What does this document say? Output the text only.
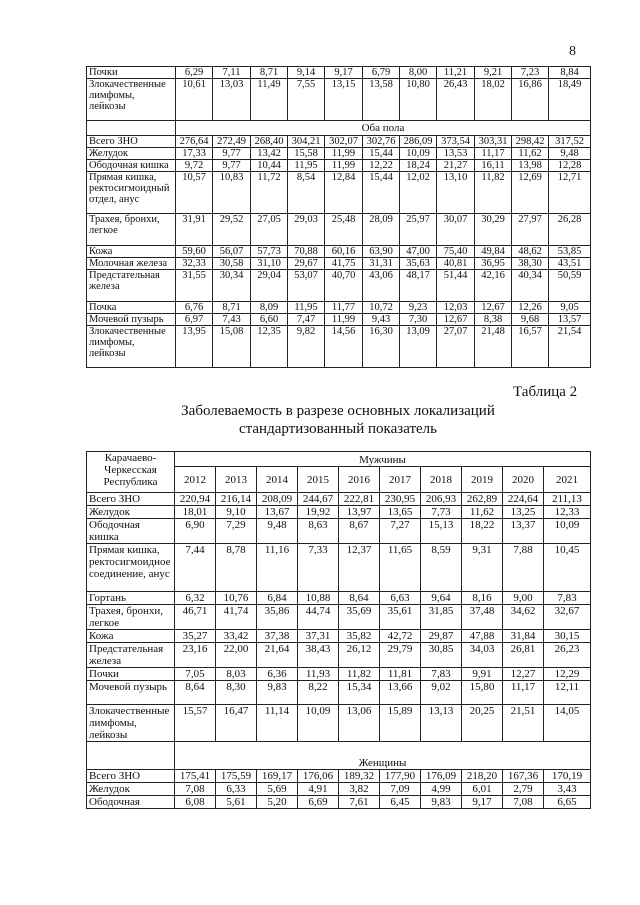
8
Почки	6,29	7,11	8,71	9,14	9,17	6,79	8,00	11,21	9,21	7,23	8,84
Злокачественные лимфомы, лейкозы	10,61	13,03	11,49	7,55	13,15	13,58	10,80	26,43	18,02	16,86	18,49
	Оба пола										
Всего ЗНО	276,64	272,49	268,40	304,21	302,07	302,76	286,09	373,54	303,31	298,42	317,52
Желудок	17,33	9,77	13,42	15,58	11,99	15,44	10,09	13,53	11,17	11,62	9,48
Ободочная кишка	9,72	9,77	10,44	11,95	11,99	12,22	18,24	21,27	16,11	13,98	12,28
Прямая кишка, ректосигмоидный отдел, анус	10,57	10,83	11,72	8,54	12,84	15,44	12,02	13,10	11,82	12,69	12,71
Трахея, бронхи, легкое	31,91	29,52	27,05	29,03	25,48	28,09	25,97	30,07	30,29	27,97	26,28
Кожа	59,60	56,07	57,73	70,88	60,16	63,90	47,00	75,40	49,84	48,62	53,85
Молочная железа	32,33	30,58	31,10	29,67	41,75	31,31	35,63	40,81	36,95	38,30	43,51
Предстательная железа	31,55	30,34	29,04	53,07	40,70	43,06	48,17	51,44	42,16	40,34	50,59
Почка	6,76	8,71	8,09	11,95	11,77	10,72	9,23	12,03	12,67	12,26	9,05
Мочевой пузырь	6,97	7,43	6,60	7,47	11,99	9,43	7,30	12,67	8,38	9,68	13,57
Злокачественные лимфомы, лейкозы	13,95	15,08	12,35	9,82	14,56	16,30	13,09	27,07	21,48	16,57	21,54
Таблица 2
Заболеваемость в разрезе основных локализаций
стандартизованный показатель
Карачаево-Черкесская Республика	Мужчины									
	2012	2013	2014	2015	2016	2017	2018	2019	2020	2021
Всего ЗНО	220,94	216,14	208,09	244,67	222,81	230,95	206,93	262,89	224,64	211,13
Желудок	18,01	9,10	13,67	19,92	13,97	13,65	7,73	11,62	13,25	12,33
Ободочная кишка	6,90	7,29	9,48	8,63	8,67	7,27	15,13	18,22	13,37	10,09
Прямая кишка, ректосигмоидное соединение, анус	7,44	8,78	11,16	7,33	12,37	11,65	8,59	9,31	7,88	10,45
Гортань	6,32	10,76	6,84	10,88	8,64	6,63	9,64	8,16	9,00	7,83
Трахея, бронхи, легкое	46,71	41,74	35,86	44,74	35,69	35,61	31,85	37,48	34,62	32,67
Кожа	35,27	33,42	37,38	37,31	35,82	42,72	29,87	47,88	31,84	30,15
Предстательная железа	23,16	22,00	21,64	38,43	26,12	29,79	30,85	34,03	26,81	26,23
Почки	7,05	8,03	6,36	11,93	11,82	11,81	7,83	9,91	12,27	12,29
Мочевой пузырь	8,64	8,30	9,83	8,22	15,34	13,66	9,02	15,80	11,17	12,11
Злокачественные лимфомы, лейкозы	15,57	16,47	11,14	10,09	13,06	15,89	13,13	20,25	21,51	14,05
	Женщины									
Всего ЗНО	175,41	175,59	169,17	176,06	189,32	177,90	176,09	218,20	167,36	170,19
Желудок	7,08	6,33	5,69	4,91	3,82	7,09	4,99	6,01	2,79	3,43
Ободочная	6,08	5,61	5,20	6,69	7,61	6,45	9,83	9,17	7,08	6,65
